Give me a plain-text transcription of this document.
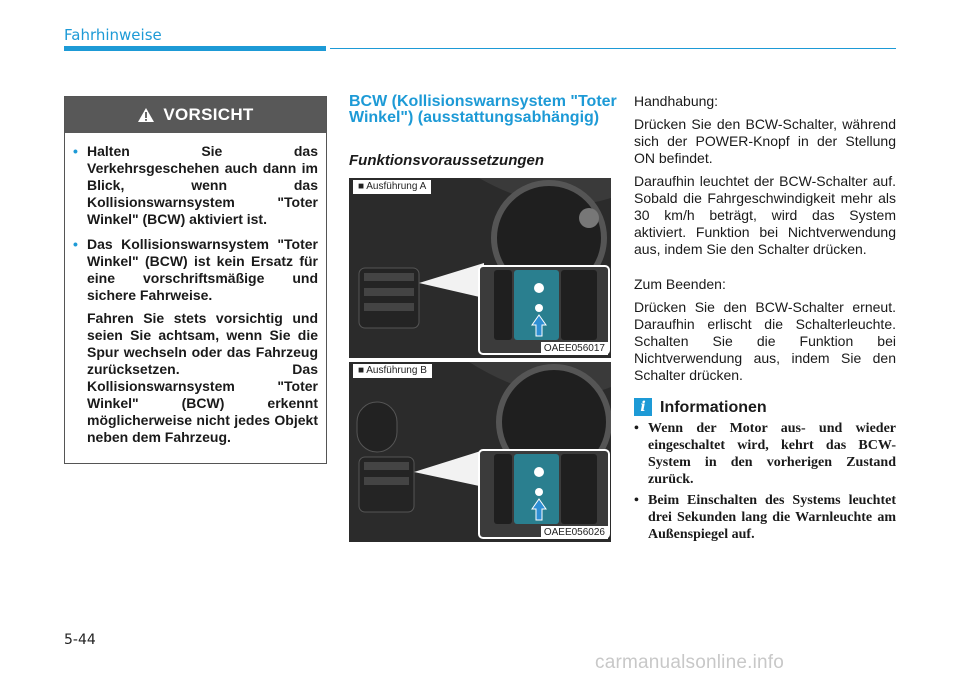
Fahrhinweise
VORSICHT
• Halten Sie das Verkehrsgeschehen auch dann im Blick, wenn das Kollisionswarnsystem "Toter Winkel" (BCW) aktiviert ist.
• Das Kollisionswarnsystem "Toter Winkel" (BCW) ist kein Ersatz für eine vorschriftsmäßige und sichere Fahrweise.
Fahren Sie stets vorsichtig und seien Sie achtsam, wenn Sie die Spur wechseln oder das Fahrzeug zurücksetzen. Das Kollisionswarnsystem "Toter Winkel" (BCW) erkennt möglicherweise nicht jedes Objekt neben dem Fahrzeug.
BCW (Kollisionswarnsystem "Toter Winkel") (ausstattungsabhängig)
Funktionsvoraussetzungen
■ Ausführung A
OAEE056017
■ Ausführung B
OAEE056026

Handhabung:

Drücken Sie den BCW-Schalter, während sich der POWER-Knopf in der Stellung ON befindet.

Daraufhin leuchtet der BCW-Schalter auf. Sobald die Fahrgeschwindigkeit mehr als 30 km/h beträgt, wird das System aktiviert. Funktion bei Nichtverwendung aus, indem Sie den Schalter drücken.

Zum Beenden:

Drücken Sie den BCW-Schalter erneut. Daraufhin erlischt die Schalterleuchte. Schalten Sie die Funktion bei Nichtverwendung aus, indem Sie den Schalter drücken.

i Informationen
• Wenn der Motor aus- und wieder eingeschaltet wird, kehrt das BCW-System in den vorherigen Zustand zurück.
• Beim Einschalten des Systems leuchtet drei Sekunden lang die Warnleuchte am Außenspiegel auf.
5-44
carmanualsonline.info
